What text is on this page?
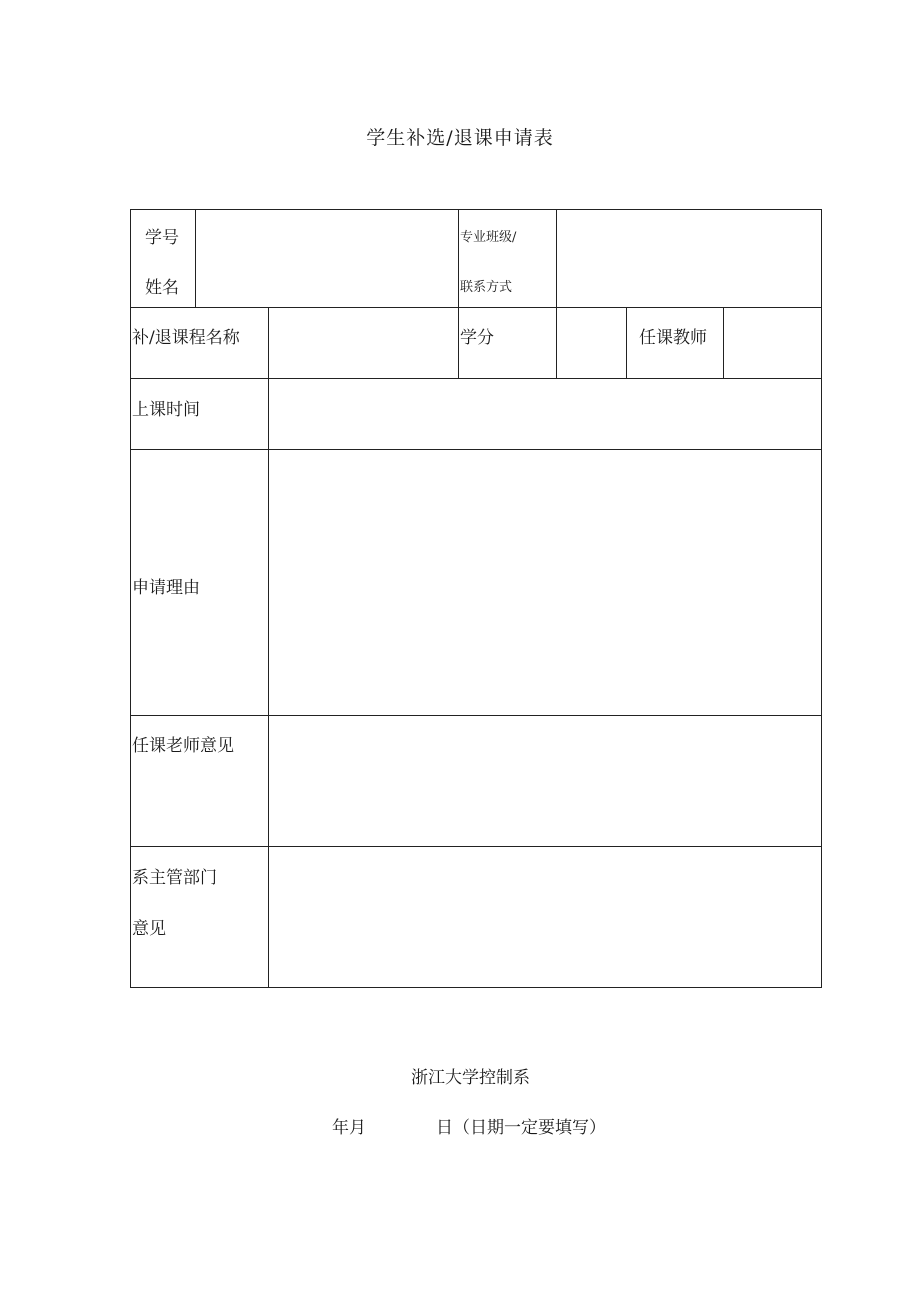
学生补选/退课申请表
学号
姓名
专业班级/
联系方式
补/退课程名称	学分	任课教师
上课时间
申请理由
任课老师意见
系主管部门
意见
浙江大学控制系
年月	日（日期一定要填写）
